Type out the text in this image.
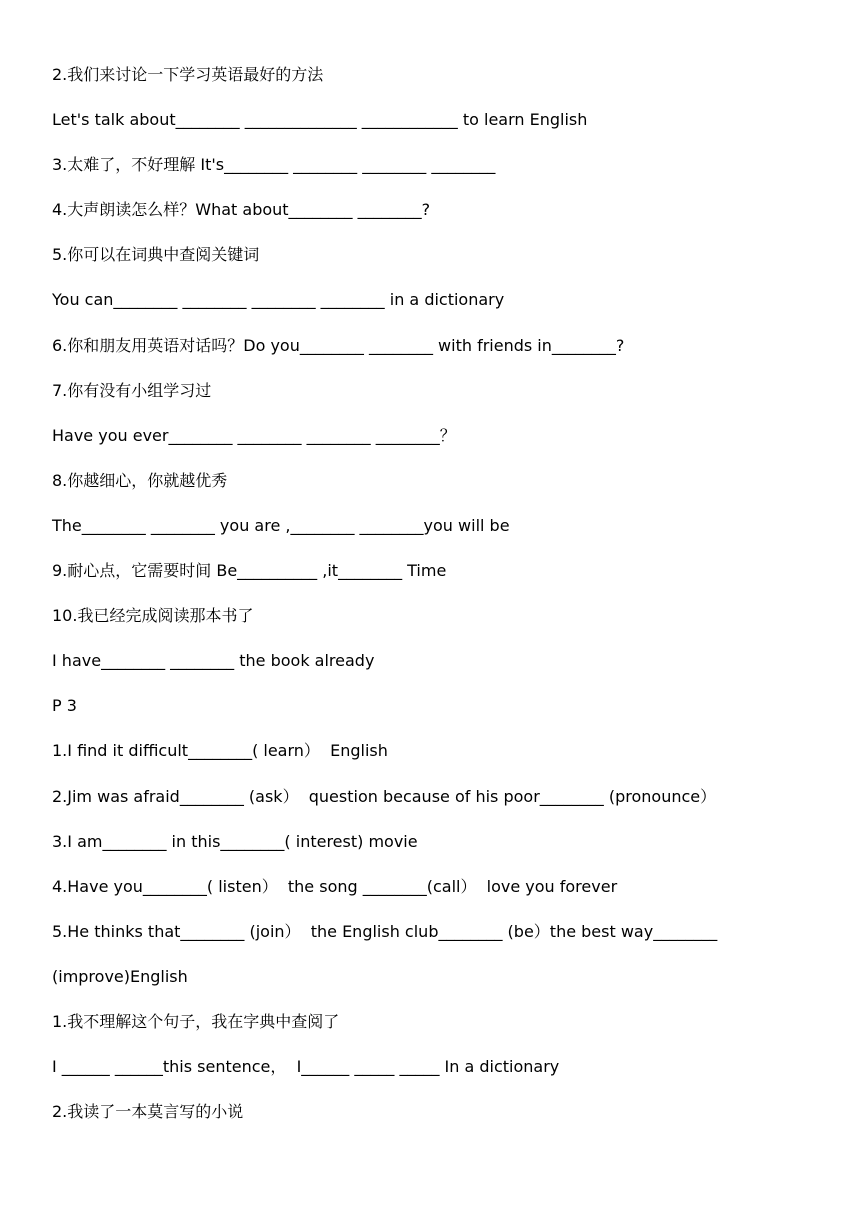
2.我们来讨论一下学习英语最好的方法
Let's talk about________ ______________ ____________ to learn English
3.太难了，不好理解 It's________ ________ ________ ________
4.大声朗读怎么样？What about________ ________?
5.你可以在词典中查阅关键词
You can________ ________ ________ ________ in a dictionary
6.你和朋友用英语对话吗？Do you________ ________ with friends in________?
7.你有没有小组学习过
Have you ever________ ________ ________ ________？
8.你越细心，你就越优秀
The________ ________ you are ,________ ________you will be
9.耐心点，它需要时间 Be__________ ,it________ Time
10.我已经完成阅读那本书了
I have________ ________ the book already
P 3
1.I find it difficult________( learn）  English
2.Jim was afraid________ (ask）  question because of his poor________ (pronounce）
3.I am________ in this________( interest) movie
4.Have you________( listen）  the song ________(call）  love you forever
5.He thinks that________ (join）  the English club________ (be）the best way________
(improve)English
1.我不理解这个句子，我在字典中查阅了
I ______ ______this sentence，  I______ _____ _____ In a dictionary
2.我读了一本莫言写的小说
